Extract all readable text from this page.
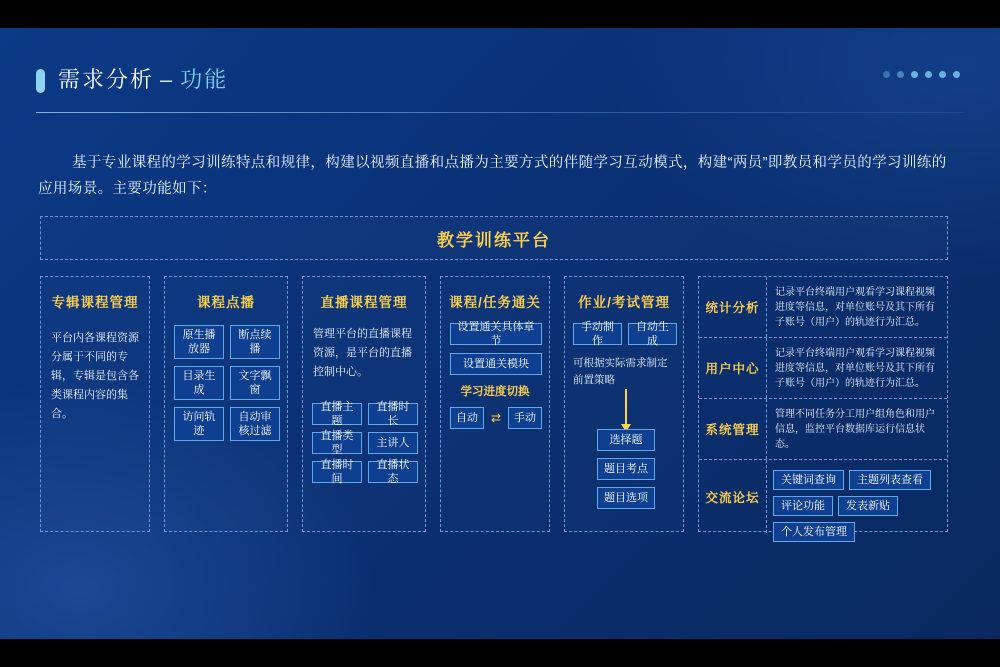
需求分析 – 功能
基于专业课程的学习训练特点和规律，构建以视频直播和点播为主要方式的伴随学习互动模式，构建“两员”即教员和学员的学习训练的应用场景。主要功能如下：
教学训练平台
专辑课程管理
平台内各课程资源分属于不同的专辑，专辑是包含各类课程内容的集合。
课程点播
原生播放器
断点续播
目录生成
文字飘窗
访问轨迹
自动审核过滤
直播课程管理
管理平台的直播课程资源，是平台的直播控制中心。
直播主题
直播时长
直播类型
主讲人
直播时间
直播状态
课程/任务通关
设置通关具体章节
设置通关模块
学习进度切换
自动	⇄	手动
作业/考试管理
手动制作
自动生成
可根据实际需求制定前置策略
选择题
题目考点
题目选项
统计分析
记录平台终端用户观看学习课程视频进度等信息，对单位账号及其下所有子账号（用户）的轨迹行为汇总。
用户中心
记录平台终端用户观看学习课程视频进度等信息，对单位账号及其下所有子账号（用户）的轨迹行为汇总。
系统管理
管理不同任务分工用户组角色和用户信息，监控平台数据库运行信息状态。
交流论坛
关键词查询	主题列表查看
评论功能	发表新贴
个人发布管理
